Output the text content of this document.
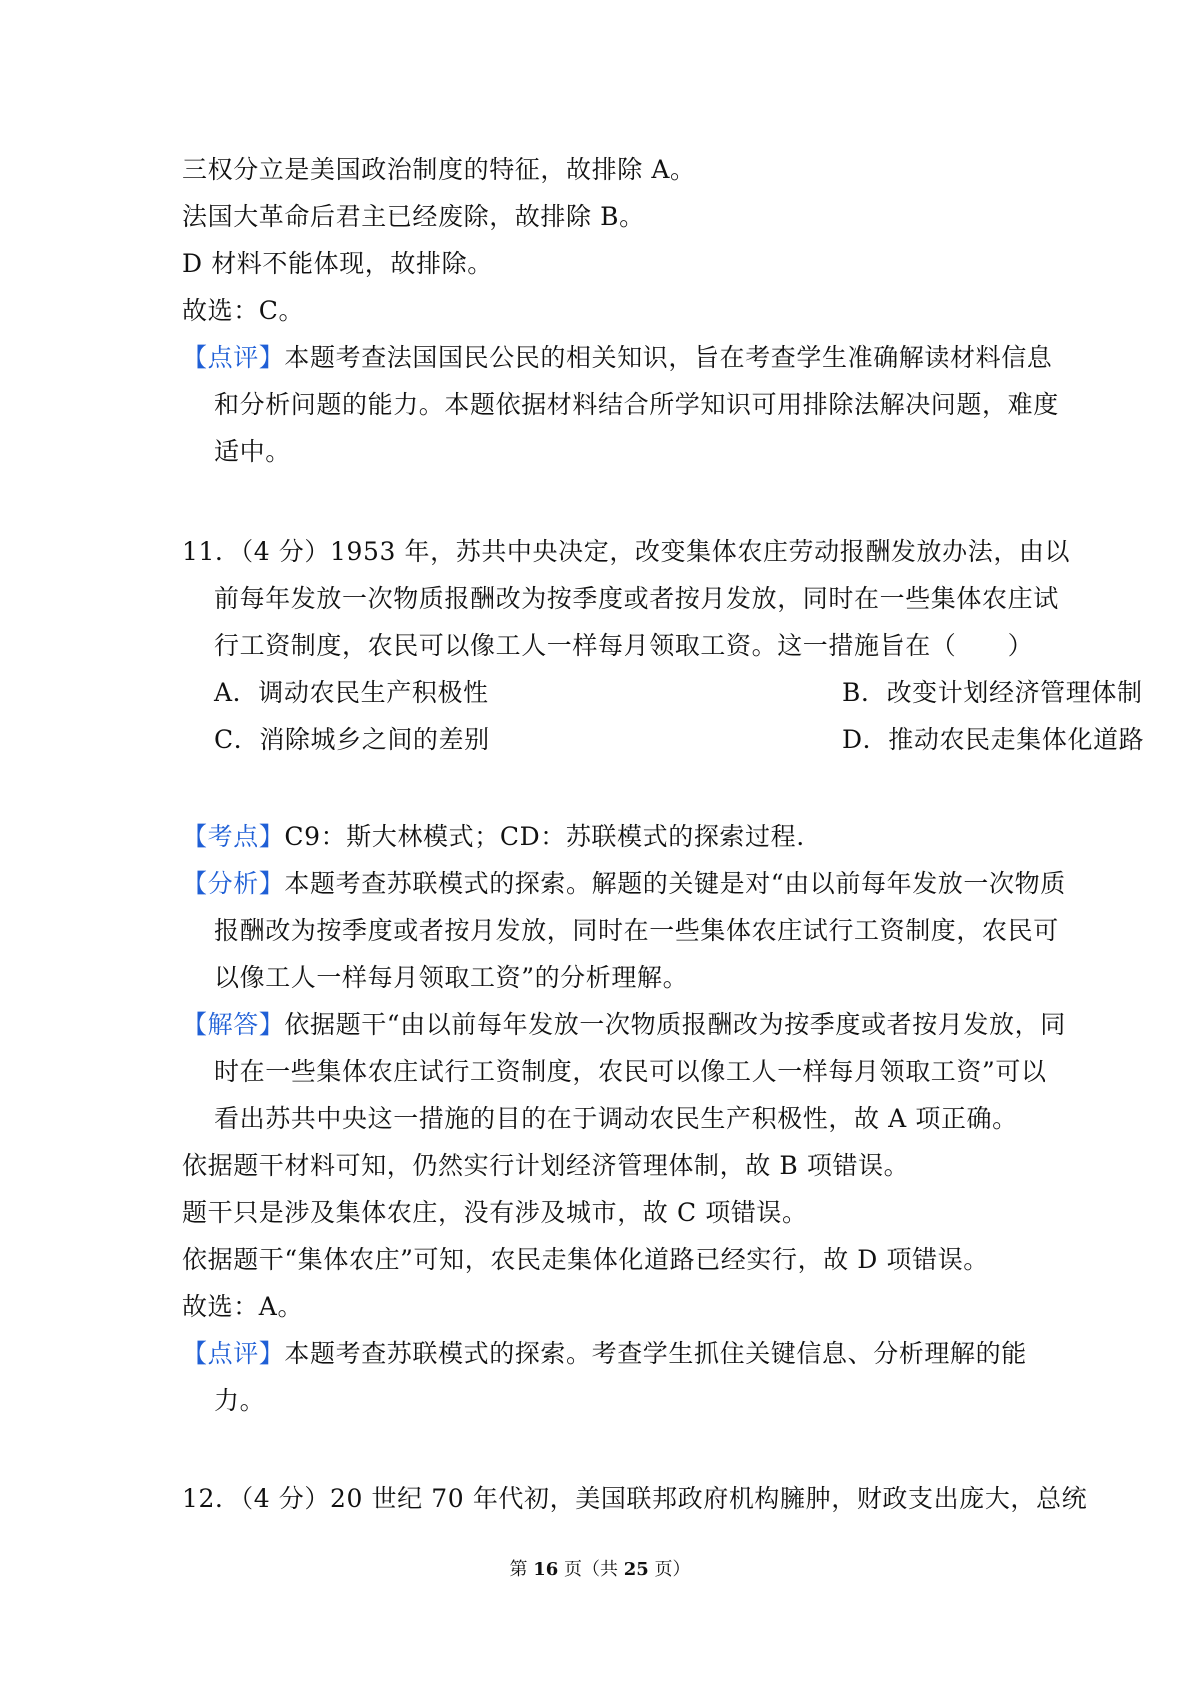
三权分立是美国政治制度的特征，故排除 A。
法国大革命后君主已经废除，故排除 B。
D 材料不能体现，故排除。
故选：C。
【点评】本题考查法国国民公民的相关知识，旨在考查学生准确解读材料信息
和分析问题的能力。本题依据材料结合所学知识可用排除法解决问题，难度
适中。
11．（4 分）1953 年，苏共中央决定，改变集体农庄劳动报酬发放办法，由以
前每年发放一次物质报酬改为按季度或者按月发放，同时在一些集体农庄试
行工资制度，农民可以像工人一样每月领取工资。这一措施旨在（　　）
A．调动农民生产积极性	B．改变计划经济管理体制
C．消除城乡之间的差别	D．推动农民走集体化道路
【考点】C9：斯大林模式；CD：苏联模式的探索过程.
【分析】本题考查苏联模式的探索。解题的关键是对“由以前每年发放一次物质
报酬改为按季度或者按月发放，同时在一些集体农庄试行工资制度，农民可
以像工人一样每月领取工资”的分析理解。
【解答】依据题干“由以前每年发放一次物质报酬改为按季度或者按月发放，同
时在一些集体农庄试行工资制度，农民可以像工人一样每月领取工资”可以
看出苏共中央这一措施的目的在于调动农民生产积极性，故 A 项正确。
依据题干材料可知，仍然实行计划经济管理体制，故 B 项错误。
题干只是涉及集体农庄，没有涉及城市，故 C 项错误。
依据题干“集体农庄”可知，农民走集体化道路已经实行，故 D 项错误。
故选：A。
【点评】本题考查苏联模式的探索。考查学生抓住关键信息、分析理解的能
力。
12．（4 分）20 世纪 70 年代初，美国联邦政府机构臃肿，财政支出庞大，总统
第 16 页（共 25 页）
